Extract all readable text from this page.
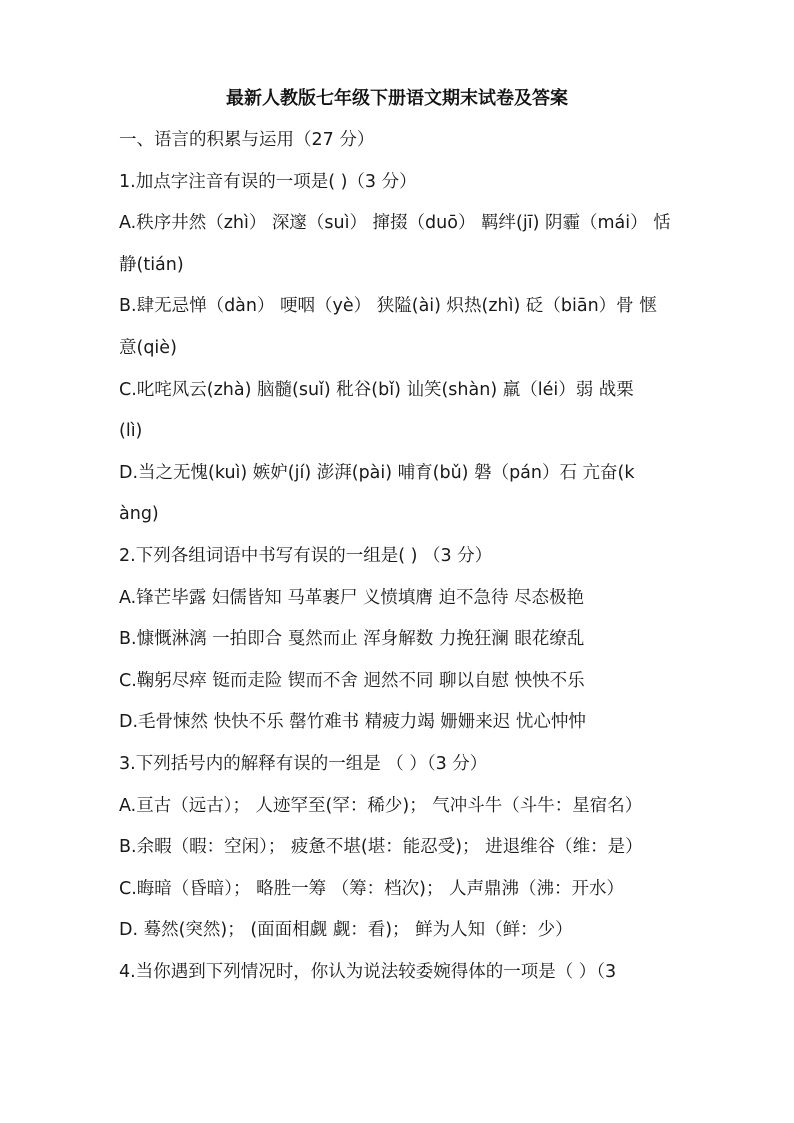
最新人教版七年级下册语文期末试卷及答案
一、语言的积累与运用（27 分）
1.加点字注音有误的一项是( )（3 分）
A.秩序井然（zhì） 深邃（suì） 撺掇（duō） 羁绊(jī) 阴霾（mái） 恬
静(tián)
B.肆无忌惮（dàn） 哽咽（yè） 狭隘(ài) 炽热(zhì) 砭（biān）骨 惬
意(qiè)
C.叱咤风云(zhà) 脑髓(suǐ) 秕谷(bǐ) 讪笑(shàn) 羸（léi）弱 战栗
(lì)
D.当之无愧(kuì) 嫉妒(jí) 澎湃(pài) 哺育(bǔ) 磐（pán）石 亢奋(k
àng)
2.下列各组词语中书写有误的一组是( ) （3 分）
A.锋芒毕露 妇儒皆知 马革裹尸 义愤填膺 迫不急待 尽态极艳
B.慷慨淋漓 一拍即合 戛然而止 浑身解数 力挽狂澜 眼花缭乱
C.鞠躬尽瘁 铤而走险 锲而不舍 迥然不同 聊以自慰 怏怏不乐
D.毛骨悚然 快快不乐 罄竹难书 精疲力竭 姗姗来迟 忧心忡忡
3.下列括号内的解释有误的一组是 （ ）（3 分）
A.亘古（远古）； 人迹罕至(罕：稀少)； 气冲斗牛（斗牛：星宿名）
B.余暇（暇：空闲）； 疲惫不堪(堪：能忍受)； 进退维谷（维：是）
C.晦暗（昏暗）； 略胜一筹 （筹：档次)； 人声鼎沸（沸：开水）
D. 蓦然(突然)； (面面相觑 觑：看)； 鲜为人知（鲜：少）
4.当你遇到下列情况时，你认为说法较委婉得体的一项是（ ）（3
